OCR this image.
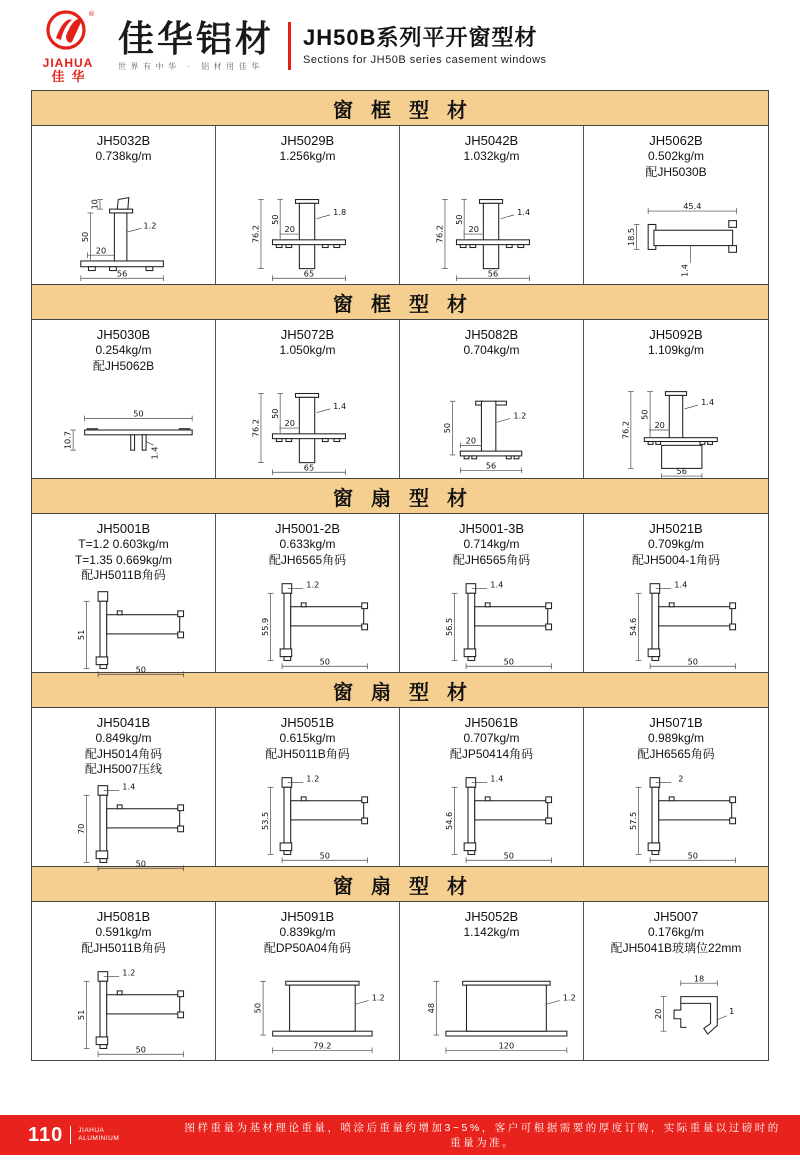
®
JIAHUA
佳华
佳华铝材
世界有中华 · 铝材用佳华
JH50B系列平开窗型材
Sections for JH50B series casement windows
窗框型材
JH5032B
0.738kg/m
10
50
20
1.2
56
JH5029B
1.256kg/m
76.2
50
20
1.8
65
JH5042B
1.032kg/m
76.2
50
20
1.4
56
JH5062B
0.502kg/m
配JH5030B
45.4
18.5
1.4
窗框型材
JH5030B
0.254kg/m
配JH5062B
50
10.7
1.4
JH5072B
1.050kg/m
76.2
50
20
1.4
65
JH5082B
0.704kg/m
50
20
1.2
56
JH5092B
1.109kg/m
76.2
50
20
1.4
56
窗扇型材
JH5001B
T=1.2 0.603kg/m
T=1.35 0.669kg/m
配JH5011B角码
51
50
JH5001-2B
0.633kg/m
配JH6565角码
1.2
55.9
50
JH5001-3B
0.714kg/m
配JH6565角码
1.4
56.5
50
JH5021B
0.709kg/m
配JH5004-1角码
1.4
54.6
50
窗扇型材
JH5041B
0.849kg/m
配JH5014角码
配JH5007压线
1.4
70
50
JH5051B
0.615kg/m
配JH5011B角码
1.2
53.5
50
JH5061B
0.707kg/m
配JP50414角码
1.4
54.6
50
JH5071B
0.989kg/m
配JH6565角码
2
57.5
50
窗扇型材
JH5081B
0.591kg/m
配JH5011B角码
1.2
51
50
JH5091B
0.839kg/m
配DP50A04角码
50
1.2
79.2
JH5052B
1.142kg/m
48
1.2
120
JH5007
0.176kg/m
配JH5041B玻璃位22mm
18
20	1
110 JIAHUA
ALUMINIUM
图样重量为基材理论重量，喷涂后重量约增加3~5%，客户可根据需要的厚度订购，实际重量以过磅时的重量为准。
